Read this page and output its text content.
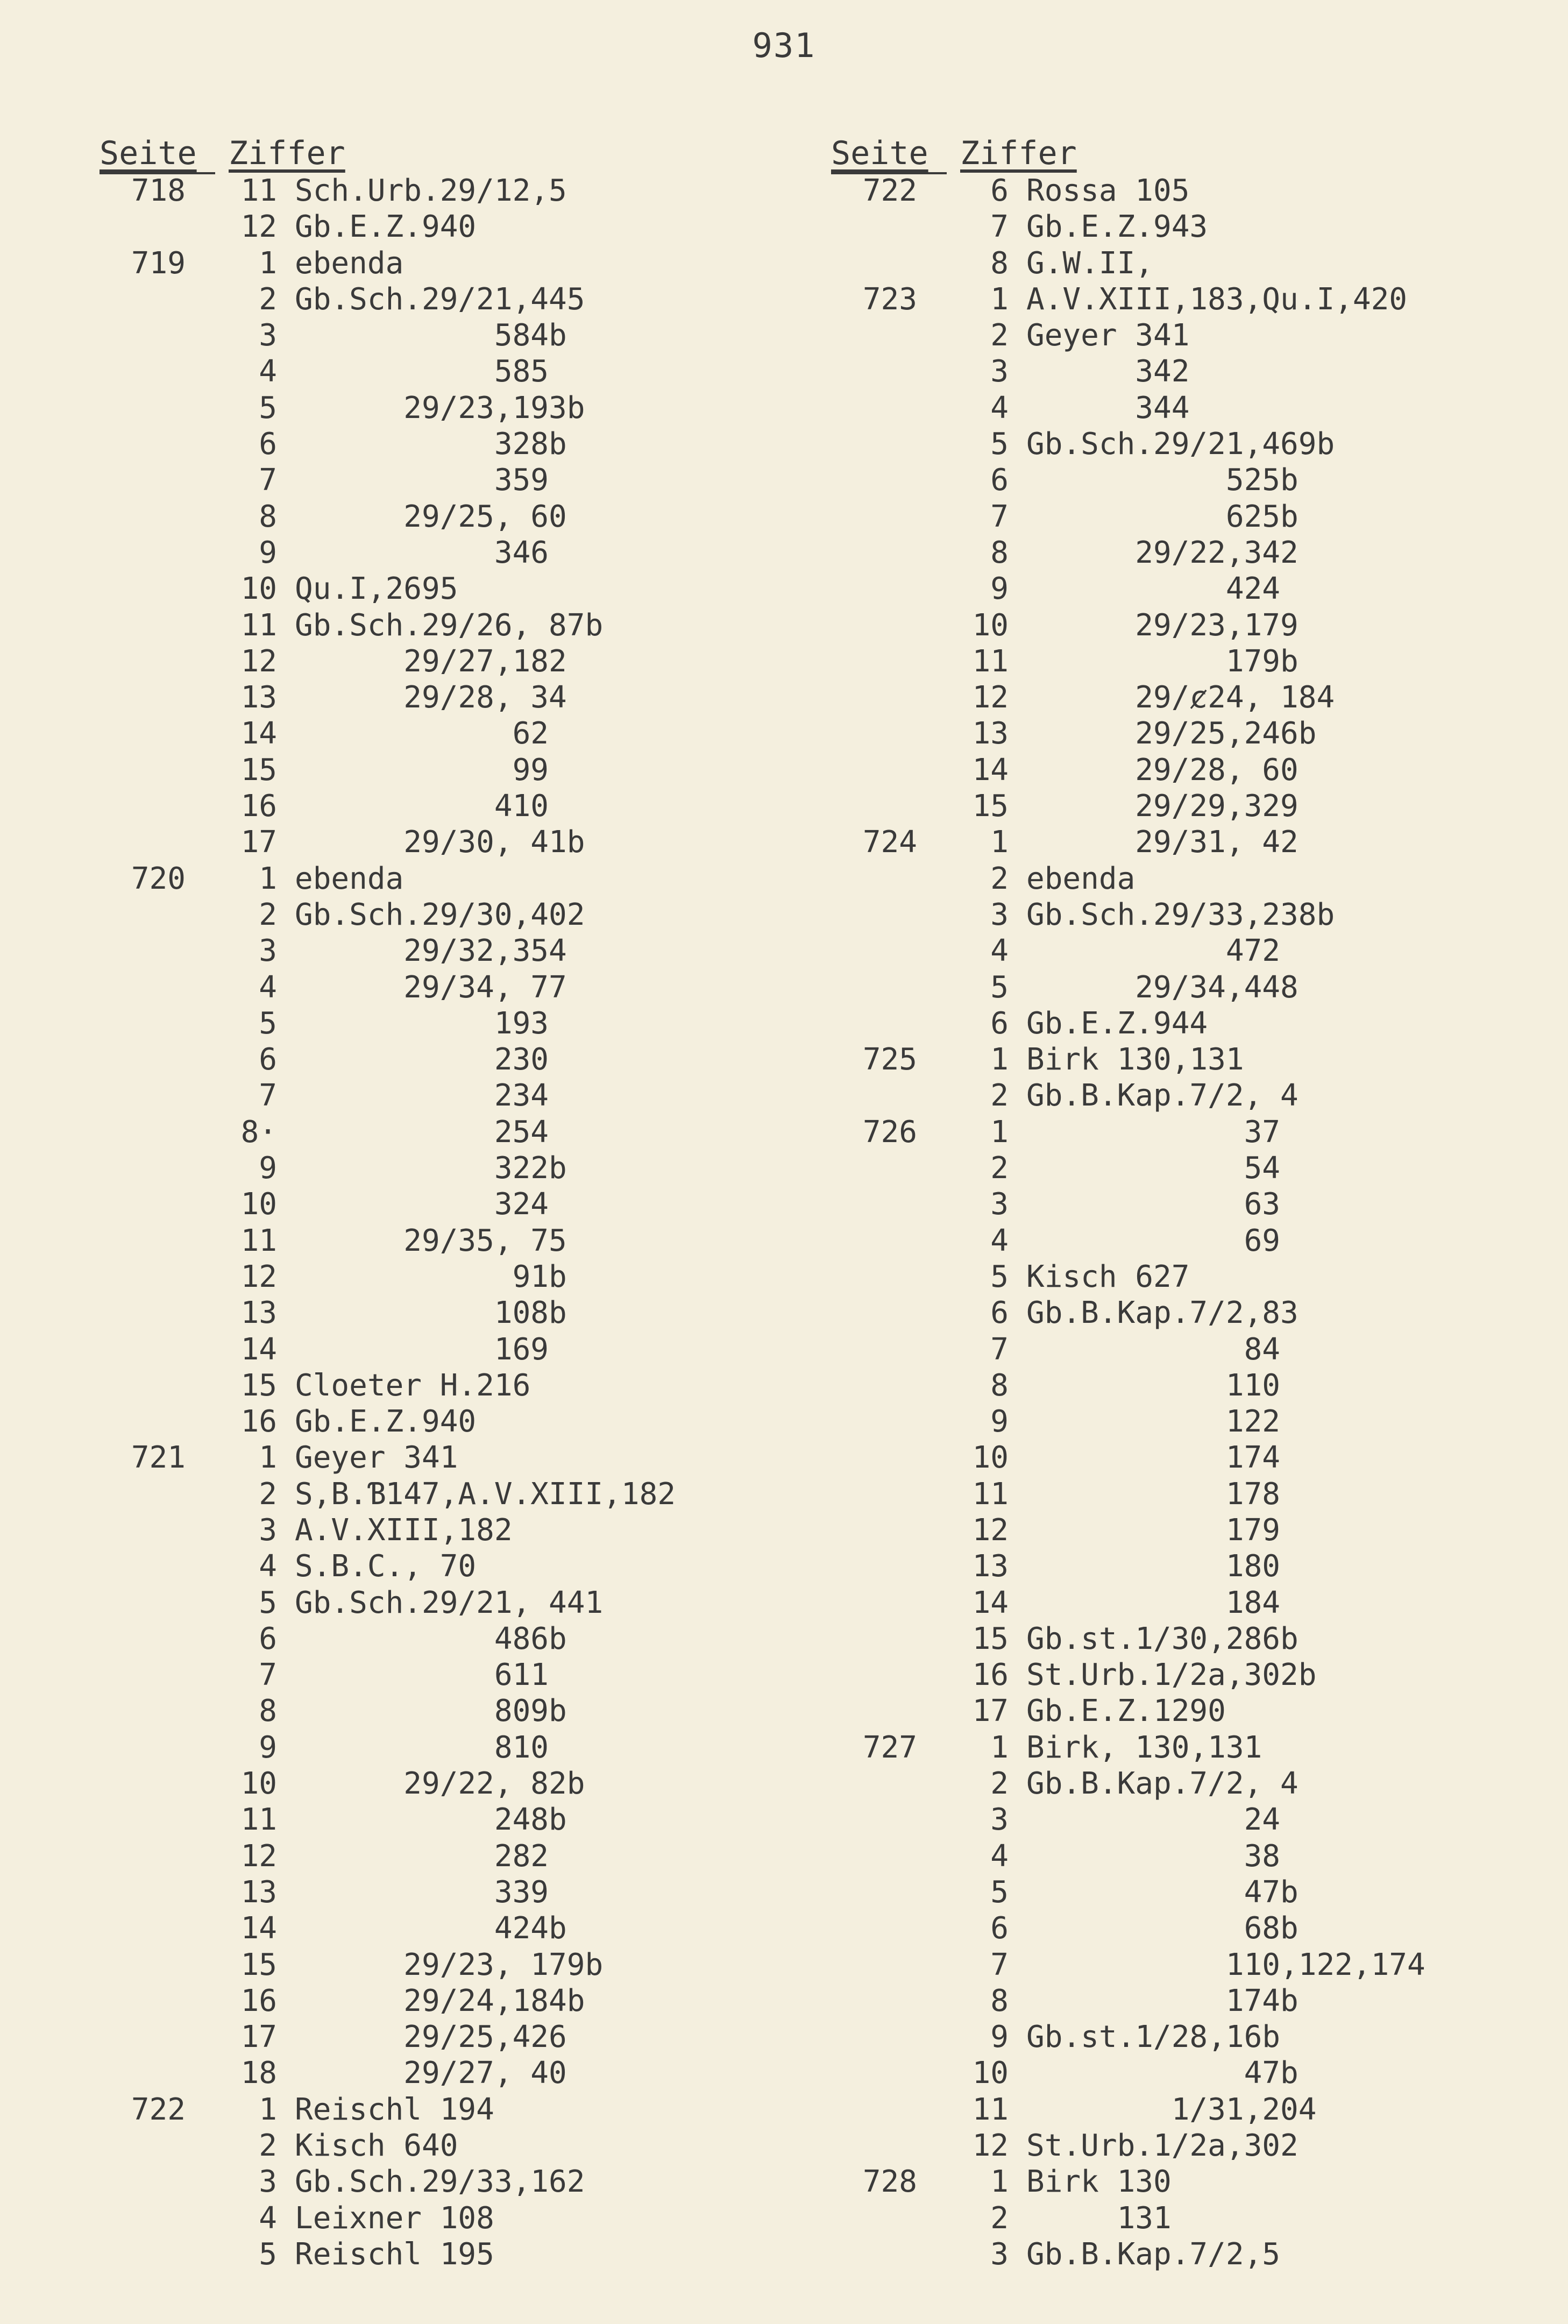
931
Seite Ziffer
718	11 Sch.Urb.29/12,5
12 Gb.E.Z.940
719	1 ebenda
2 Gb.Sch.29/21,445
3 584b
4 585
5 29/23,193b
6 328b
7 359
8 29/25, 60
9 346
10 Qu.I,2695
11 Gb.Sch.29/26, 87b
12 29/27,182
13 29/28, 34
14 62
15 99
16 410
17 29/30, 41b
720	1 ebenda
2 Gb.Sch.29/30,402
3 29/32,354
4 29/34, 77
5 193
6 230
7 234
8· 254
9 322b
10 324
11 29/35, 75
12 91b
13 108b
14 169
15 Cloeter H.216
16 Gb.E.Z.940
721	1 Geyer 341
2 S,B.Ɓ147,A.V.XIII,182
3 A.V.XIII,182
4 S.B.C., 70
5 Gb.Sch.29/21, 441
6 486b
7 611
8 809b
9 810
10 29/22, 82b
11 248b
12 282
13 339
14 424b
15 29/23, 179b
16 29/24,184b
17 29/25,426
18 29/27, 40
722	1 Reischl 194
2 Kisch 640
3 Gb.Sch.29/33,162
4 Leixner 108
5 Reischl 195
Seite Ziffer
722	6 Rossa 105
7 Gb.E.Z.943
8 G.W.II,
723	1 A.V.XIII,183,Qu.I,420
2 Geyer 341
3 342
4 344
5 Gb.Sch.29/21,469b
6 525b
7 625b
8 29/22,342
9 424
10 29/23,179
11 179b
12 29/ȼ24, 184
13 29/25,246b
14 29/28, 60
15 29/29,329
724	1 29/31, 42
2 ebenda
3 Gb.Sch.29/33,238b
4 472
5 29/34,448
6 Gb.E.Z.944
725	1 Birk 130,131
2 Gb.B.Kap.7/2, 4
726	1 37
2 54
3 63
4 69
5 Kisch 627
6 Gb.B.Kap.7/2,83
7 84
8 110
9 122
10 174
11 178
12 179
13 180
14 184
15 Gb.st.1/30,286b
16 St.Urb.1/2a,302b
17 Gb.E.Z.1290
727	1 Birk, 130,131
2 Gb.B.Kap.7/2, 4
3 24
4 38
5 47b
6 68b
7 110,122,174
8 174b
9 Gb.st.1/28,16b
10 47b
11 1/31,204
12 St.Urb.1/2a,302
728	1 Birk 130
2 131
3 Gb.B.Kap.7/2,5
